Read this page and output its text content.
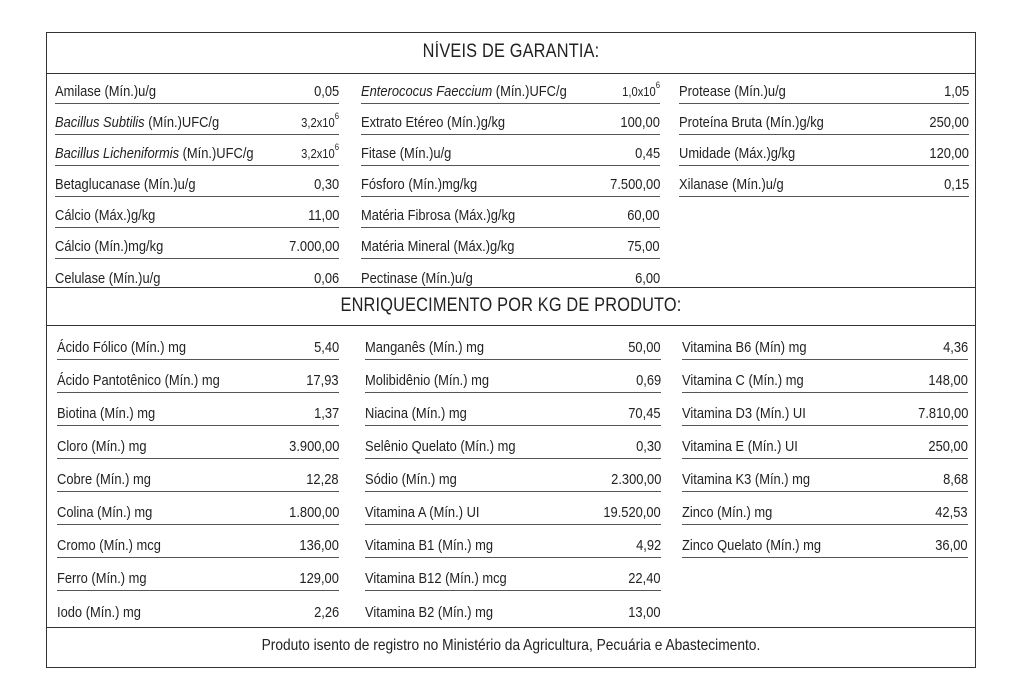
NÍVEIS DE GARANTIA:
Amilase (Mín.)u/g	0,05
Bacillus Subtilis (Mín.)UFC/g	$3,2x10^6$
Bacillus Licheniformis (Mín.)UFC/g	$3,2x10^6$
Betaglucanase (Mín.)u/g	0,30
Cálcio (Máx.)g/kg	11,00
Cálcio (Mín.)mg/kg	7.000,00
Celulase (Mín.)u/g	0,06
Enterococus Faeccium (Mín.)UFC/g	$1,0x10^6$
Extrato Etéreo (Mín.)g/kg	100,00
Fitase (Mín.)u/g	0,45
Fósforo (Mín.)mg/kg	7.500,00
Matéria Fibrosa (Máx.)g/kg	60,00
Matéria Mineral (Máx.)g/kg	75,00
Pectinase (Mín.)u/g	6,00
Protease (Mín.)u/g	1,05
Proteína Bruta (Mín.)g/kg	250,00
Umidade (Máx.)g/kg	120,00
Xilanase (Mín.)u/g	0,15
ENRIQUECIMENTO POR KG DE PRODUTO:
Ácido Fólico (Mín.) mg	5,40
Ácido Pantotênico (Mín.) mg	17,93
Biotina (Mín.) mg	1,37
Cloro (Mín.) mg	3.900,00
Cobre (Mín.) mg	12,28
Colina (Mín.) mg	1.800,00
Cromo (Mín.) mcg	136,00
Ferro (Mín.) mg	129,00
Iodo (Mín.) mg	2,26
Manganês (Mín.) mg	50,00
Molibidênio (Mín.) mg	0,69
Niacina (Mín.) mg	70,45
Selênio Quelato (Mín.) mg	0,30
Sódio (Mín.) mg	2.300,00
Vitamina A (Mín.) UI	19.520,00
Vitamina B1 (Mín.) mg	4,92
Vitamina B12 (Mín.) mcg	22,40
Vitamina B2 (Mín.) mg	13,00
Vitamina B6 (Mín) mg	4,36
Vitamina C (Mín.) mg	148,00
Vitamina D3 (Mín.) UI	7.810,00
Vitamina E (Mín.) UI	250,00
Vitamina K3 (Mín.) mg	8,68
Zinco (Mín.) mg	42,53
Zinco Quelato (Mín.) mg	36,00
Produto isento de registro no Ministério da Agricultura, Pecuária e Abastecimento.
